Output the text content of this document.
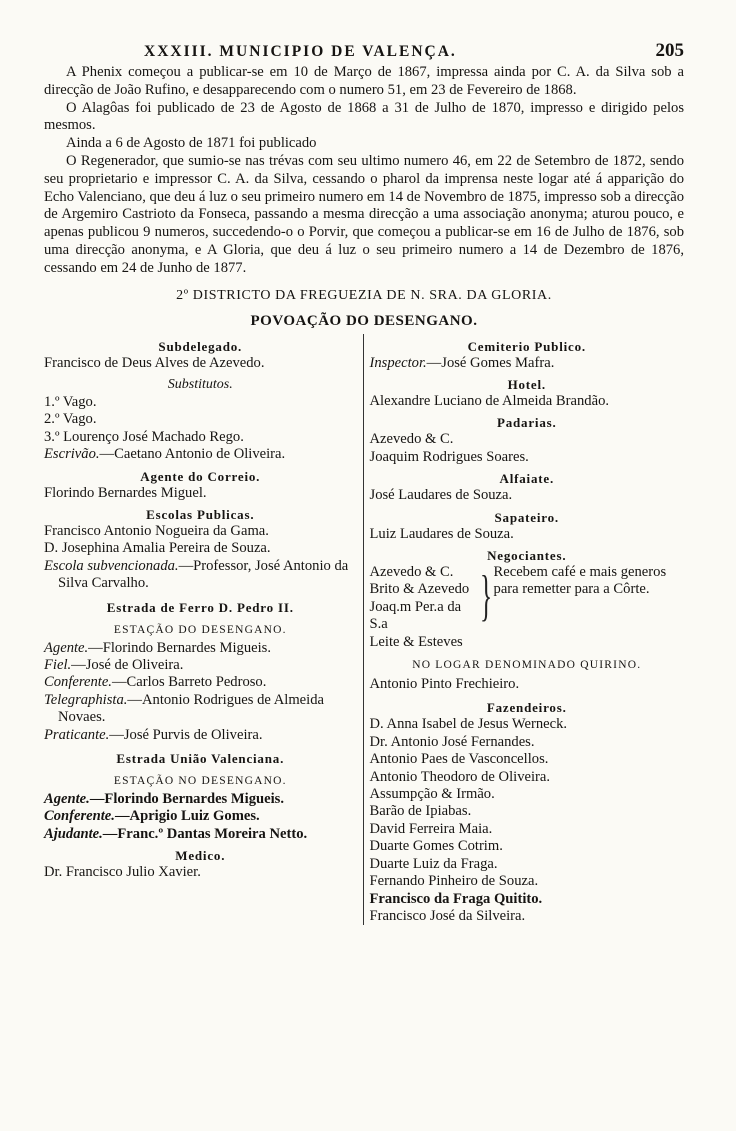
XXXIII. MUNICIPIO DE VALENÇA.	205

A Phenix começou a publicar-se em 10 de Março de 1867, impressa ainda por C. A. da Silva sob a direcção de João Rufino, e desapparecendo com o numero 51, em 23 de Fevereiro de 1868.

O Alagôas foi publicado de 23 de Agosto de 1868 a 31 de Julho de 1870, impresso e dirigido pelos mesmos.

Ainda a 6 de Agosto de 1871 foi publicado

O Regenerador, que sumio-se nas trévas com seu ultimo numero 46, em 22 de Setembro de 1872, sendo seu proprietario e impressor C. A. da Silva, cessando o pharol da imprensa neste logar até á apparição do Echo Valenciano, que deu á luz o seu primeiro numero em 14 de Novembro de 1875, impresso sob a direcção de Argemiro Castrioto da Fonseca, passando a mesma direcção a uma associação anonyma; aturou pouco, e apenas publicou 9 numeros, succedendo-o o Porvir, que começou a publicar-se em 16 de Julho de 1876, sob uma direcção anonyma, e A Gloria, que deu á luz o seu primeiro numero a 14 de Dezembro de 1876, cessando em 24 de Junho de 1877.

2º DISTRICTO DA FREGUEZIA DE N. SRA. DA GLORIA.
POVOAÇÃO DO DESENGANO.
Subdelegado.
Francisco de Deus Alves de Azevedo.
Substitutos.
1.º Vago.
2.º Vago.
3.º Lourenço José Machado Rego.
Escrivão.—Caetano Antonio de Oliveira.
Agente do Correio.
Florindo Bernardes Miguel.
Escolas Publicas.
Francisco Antonio Nogueira da Gama.
D. Josephina Amalia Pereira de Souza.
Escola subvencionada.—Professor, José Antonio da Silva Carvalho.
Estrada de Ferro D. Pedro II.
ESTAÇÃO DO DESENGANO.
Agente.—Florindo Bernardes Migueis.
Fiel.—José de Oliveira.
Conferente.—Carlos Barreto Pedroso.
Telegraphista.—Antonio Rodrigues de Almeida Novaes.
Praticante.—José Purvis de Oliveira.
Estrada União Valenciana.
ESTAÇÃO NO DESENGANO.
Agente.—Florindo Bernardes Migueis.
Conferente.—Aprigio Luiz Gomes.
Ajudante.—Franc.º Dantas Moreira Netto.
Medico.
Dr. Francisco Julio Xavier.
Cemiterio Publico.
Inspector.—José Gomes Mafra.
Hotel.
Alexandre Luciano de Almeida Brandão.
Padarias.
Azevedo & C.
Joaquim Rodrigues Soares.
Alfaiate.
José Laudares de Souza.
Sapateiro.
Luiz Laudares de Souza.
Negociantes.
Azevedo & C.
Brito & Azevedo
Joaq.m Per.a da S.a
Leite & Esteves
} Recebem café e mais generos para remetter para a Côrte.
NO LOGAR DENOMINADO QUIRINO.
Antonio Pinto Frechieiro.
Fazendeiros.
D. Anna Isabel de Jesus Werneck.
Dr. Antonio José Fernandes.
Antonio Paes de Vasconcellos.
Antonio Theodoro de Oliveira.
Assumpção & Irmão.
Barão de Ipiabas.
David Ferreira Maia.
Duarte Gomes Cotrim.
Duarte Luiz da Fraga.
Fernando Pinheiro de Souza.
Francisco da Fraga Quitito.
Francisco José da Silveira.
